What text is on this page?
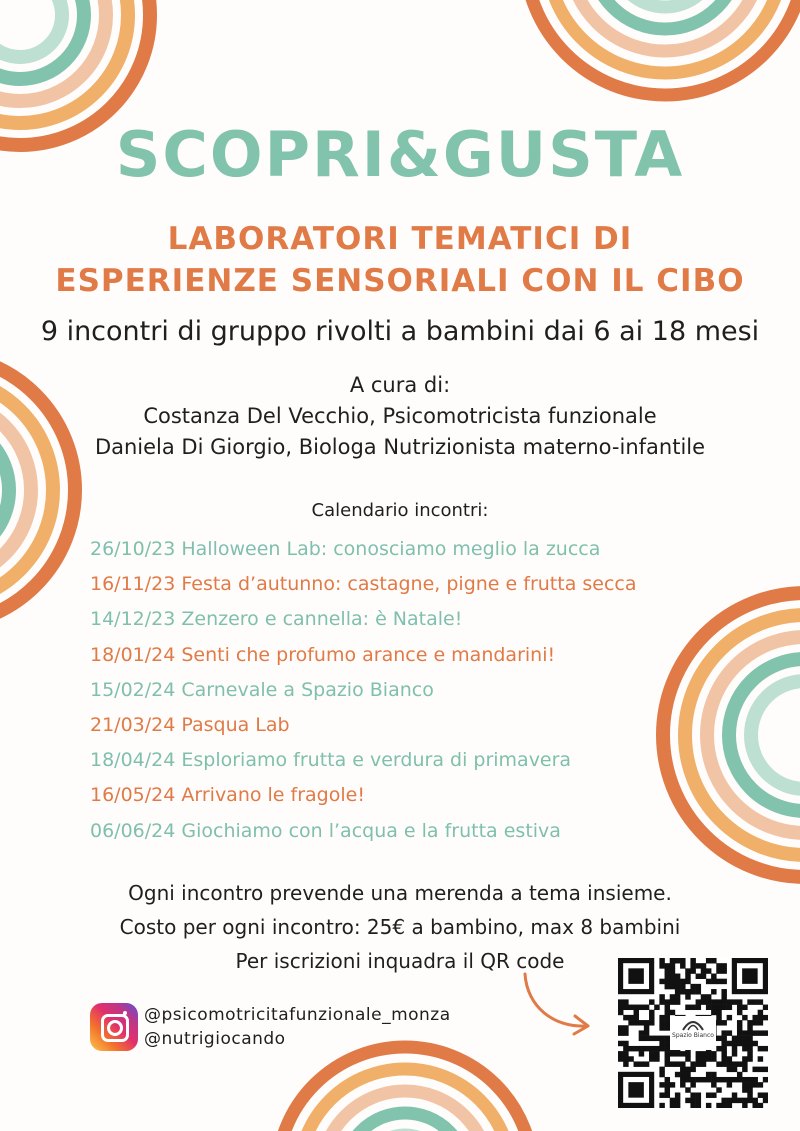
SCOPRI&GUSTA
LABORATORI TEMATICI DI
ESPERIENZE SENSORIALI CON IL CIBO
9 incontri di gruppo rivolti a bambini dai 6 ai 18 mesi
A cura di:
Costanza Del Vecchio, Psicomotricista funzionale
Daniela Di Giorgio, Biologa Nutrizionista materno-infantile
Calendario incontri:
26/10/23 Halloween Lab: conosciamo meglio la zucca
16/11/23 Festa d’autunno: castagne, pigne e frutta secca
14/12/23 Zenzero e cannella: è Natale!
18/01/24 Senti che profumo arance e mandarini!
15/02/24 Carnevale a Spazio Bianco
21/03/24 Pasqua Lab
18/04/24 Esploriamo frutta e verdura di primavera
16/05/24 Arrivano le fragole!
06/06/24 Giochiamo con l’acqua e la frutta estiva
Ogni incontro prevende una merenda a tema insieme.
Costo per ogni incontro: 25€ a bambino, max 8 bambini
Per iscrizioni inquadra il QR code
@psicomotricitafunzionale_monza
@nutrigiocando	Spazio Bianco
